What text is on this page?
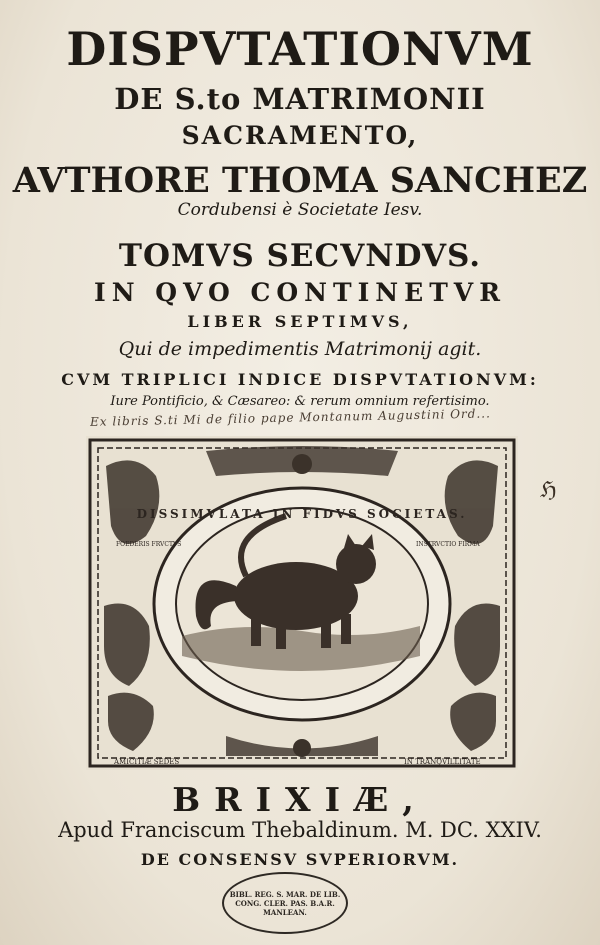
DISPVTATIONVM
DE S.to MATRIMONII
SACRAMENTO,
AVTHORE THOMA SANCHEZ
Cordubensi è Societate Iesv.
TOMVS SECVNDVS.
IN QVO CONTINETVR
LIBER SEPTIMVS,
Qui de impedimentis Matrimonij agit.
CVM TRIPLICI INDICE DISPVTATIONVM:
Iure Pontificio, & Cæsareo: & rerum omnium refertisimo.
Ex libris S.ti Mi de filio pape Montanum Augustini Ord...
ℌ
DISSIMVLATA IN FIDVS SOCIETAS.
FOEDERIS FRVCTVS	INSTRVCTIO FIRMA
AMICITIÆ SEDES	IN TRANQVILLITATE
BRIXIÆ,
Apud Franciscum Thebaldinum. M. DC. XXIV.
DE CONSENSV SVPERIORVM.
BIBL. REG. S. MAR. DE LIB.
CONG. CLER. PAS. B.A.R.
MANLEAN.
